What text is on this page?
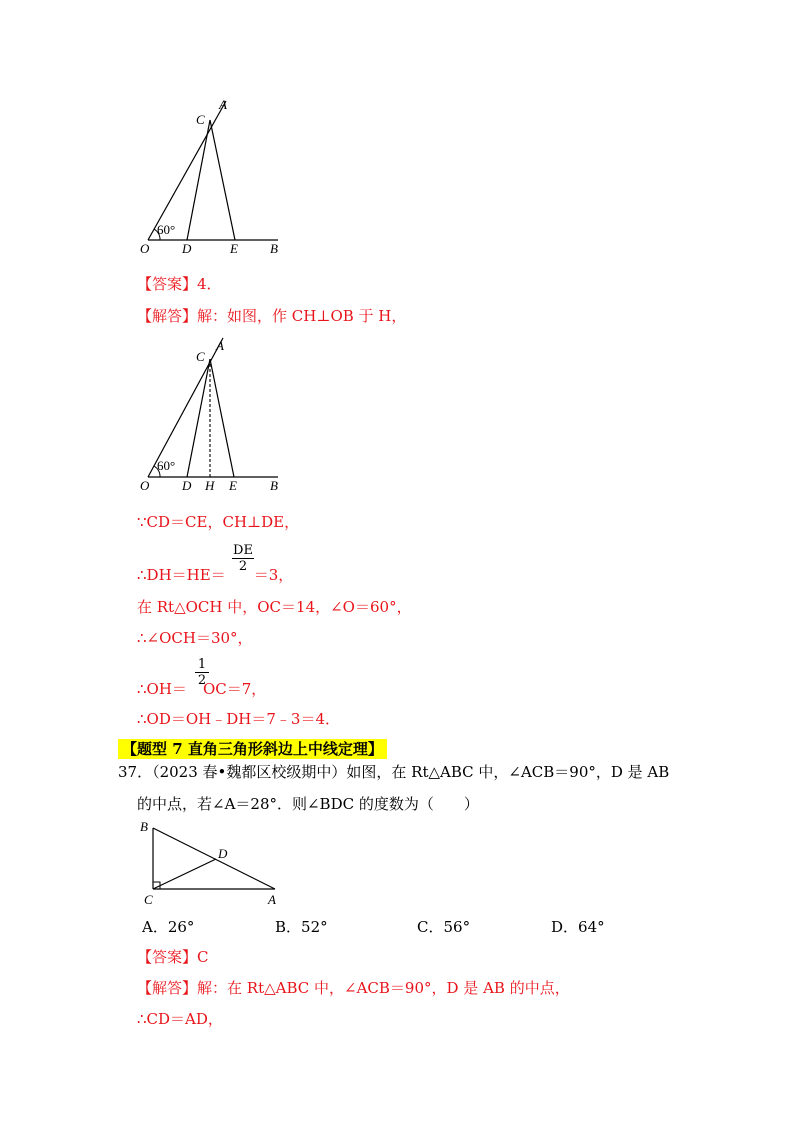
C
A
60°
O	D	E B
【答案】4．
【解答】解：如图，作 CH⊥OB 于 H，
C
A
60°
O	D H E	B
∵CD＝CE，CH⊥DE，
∴DH＝HE＝ ＝3，
DE
2
在 Rt△OCH 中，OC＝14，∠O＝60°，
∴∠OCH＝30°，
∴OH＝ OC＝7，
1
2
∴OD＝OH﹣DH＝7﹣3＝4．
【题型 7 直角三角形斜边上中线定理】
37．（2023 春•魏都区校级期中）如图，在 Rt△ABC 中，∠ACB＝90°，D 是 AB
的中点，若∠A＝28°．则∠BDC 的度数为（　　）
B
D
C	A
A．26°	B．52°	C．56°	D．64°
【答案】C
【解答】解：在 Rt△ABC 中，∠ACB＝90°，D 是 AB 的中点，
∴CD＝AD，
